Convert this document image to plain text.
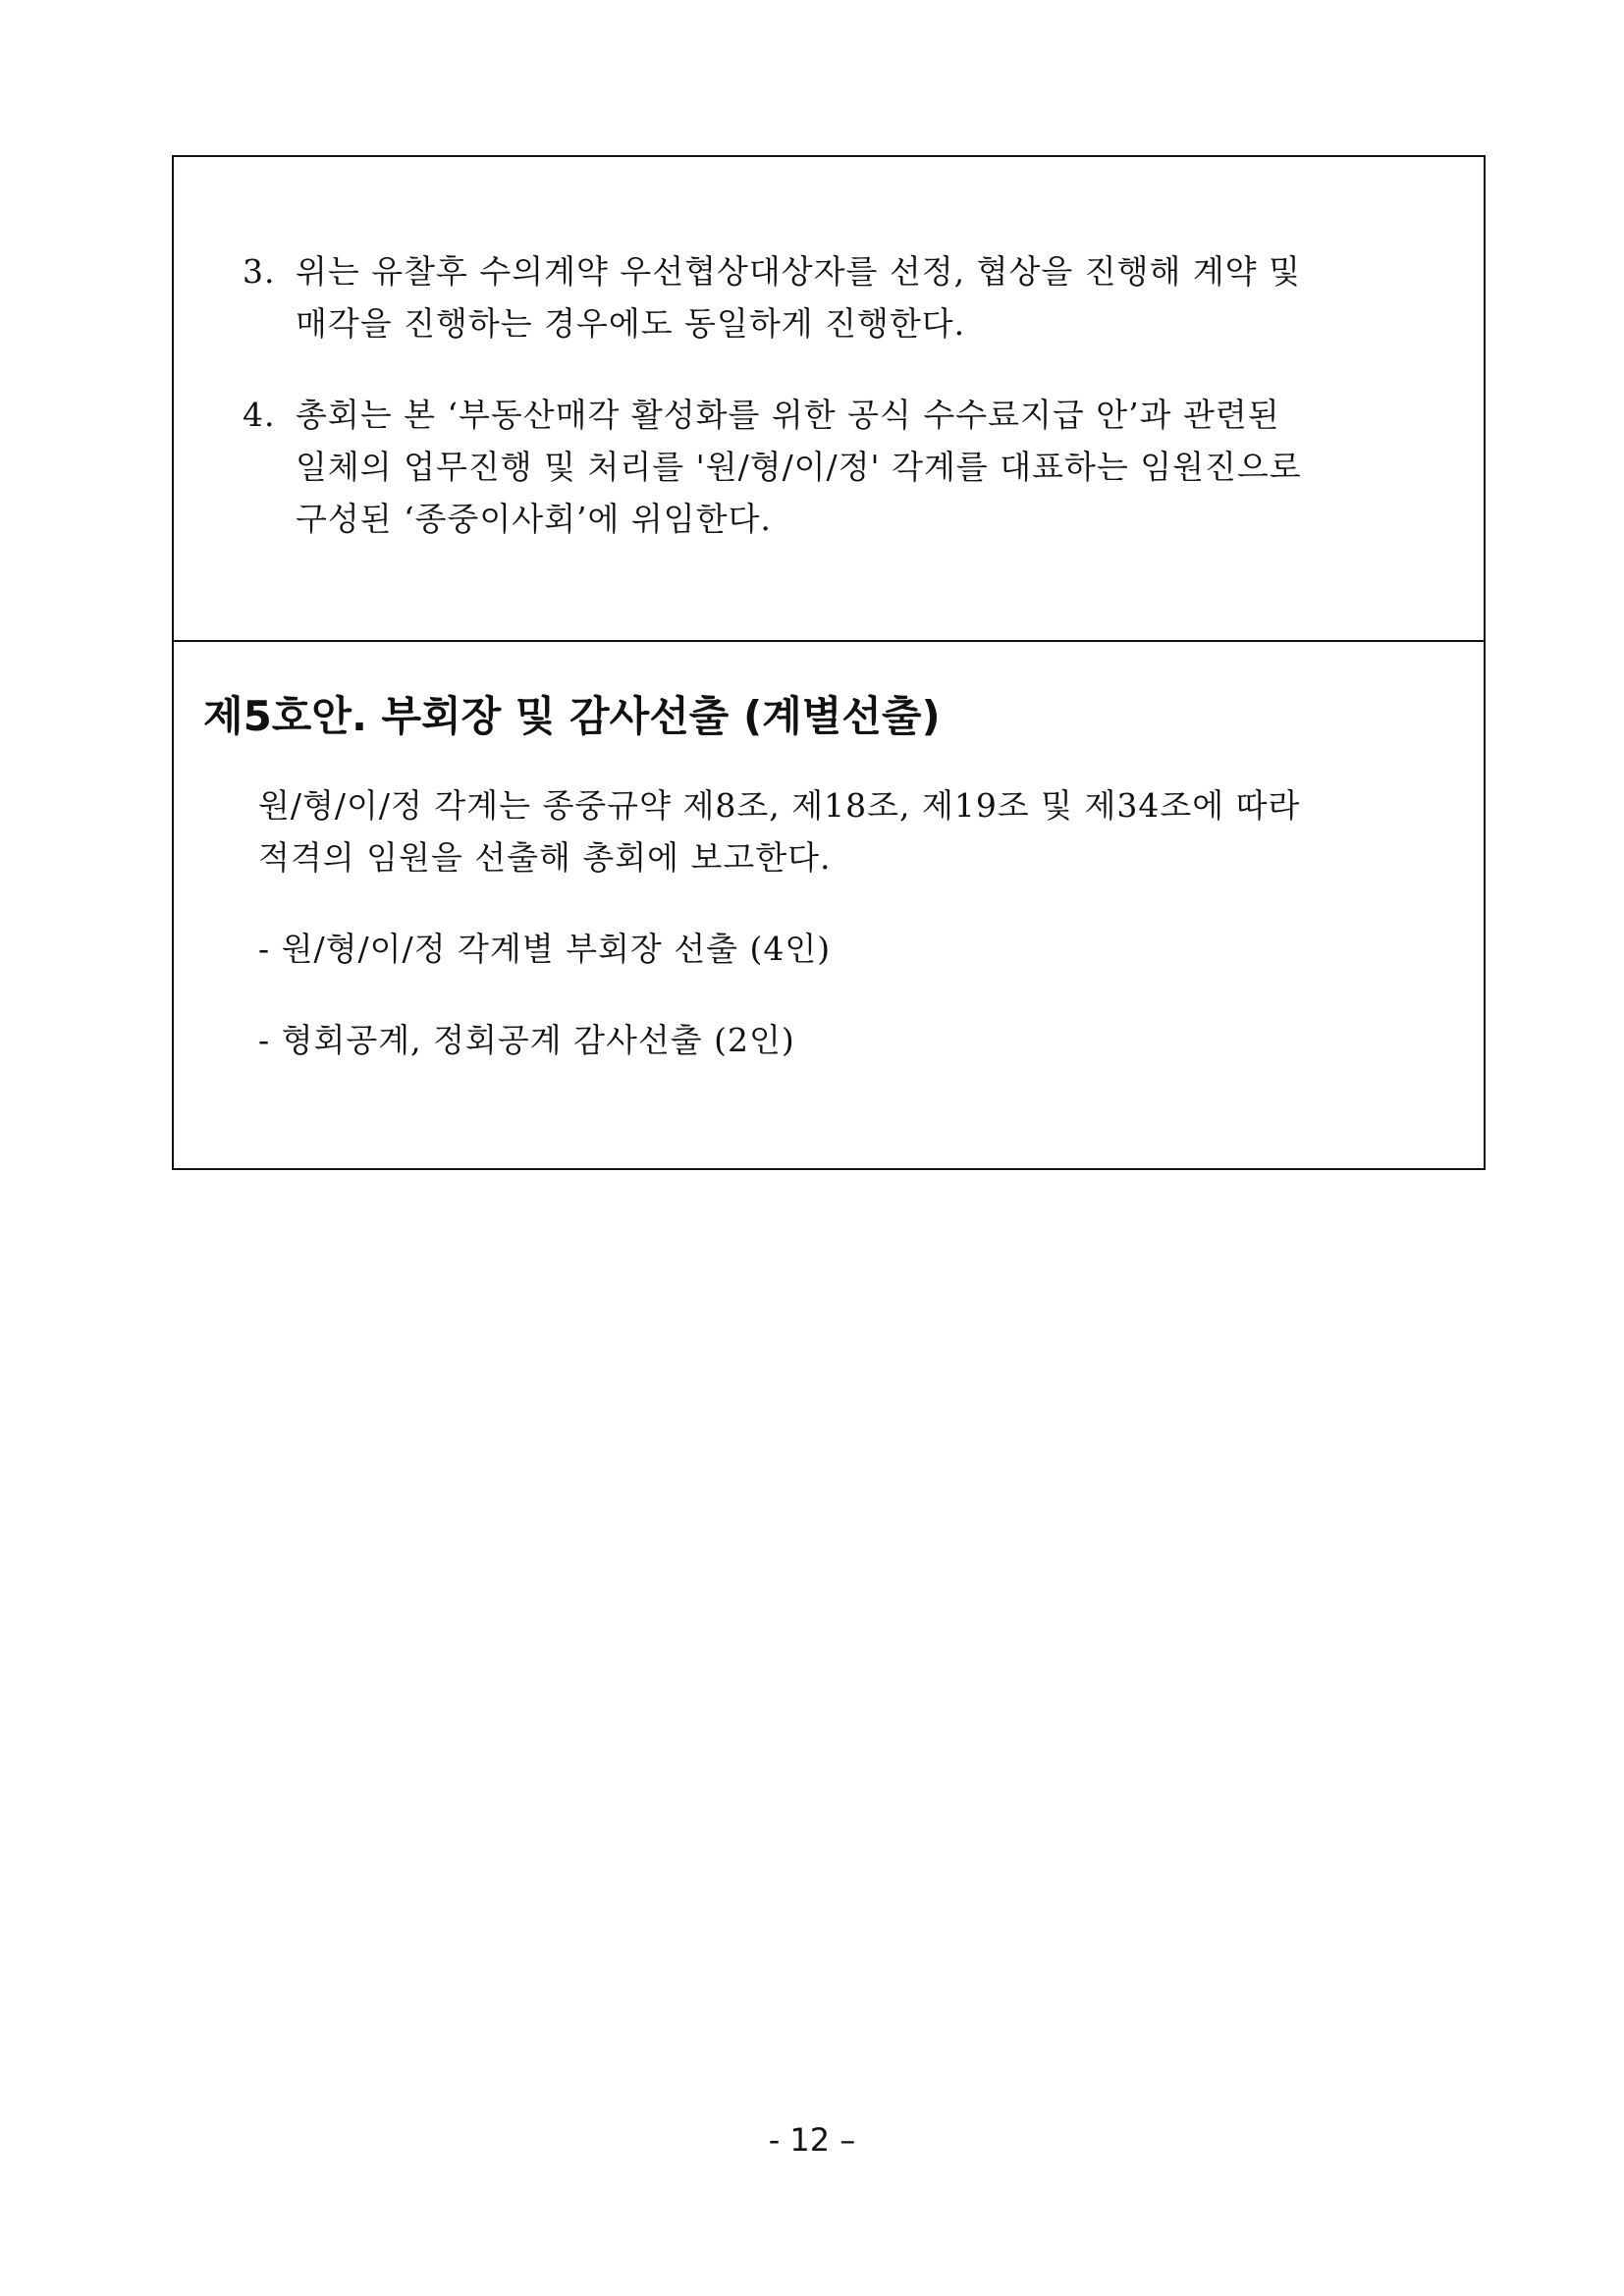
3. 위는 유찰후 수의계약 우선협상대상자를 선정, 협상을 진행해 계약 및
매각을 진행하는 경우에도 동일하게 진행한다.
4. 총회는 본 ‘부동산매각 활성화를 위한 공식 수수료지급 안’과 관련된
일체의 업무진행 및 처리를 '원/형/이/정' 각계를 대표하는 임원진으로
구성된 ‘종중이사회’에 위임한다.
제5호안. 부회장 및 감사선출 (계별선출)
원/형/이/정 각계는 종중규약 제8조, 제18조, 제19조 및 제34조에 따라
적격의 임원을 선출해 총회에 보고한다.
- 원/형/이/정 각계별 부회장 선출 (4인)
- 형회공계, 정회공계 감사선출 (2인)
- 12 –
